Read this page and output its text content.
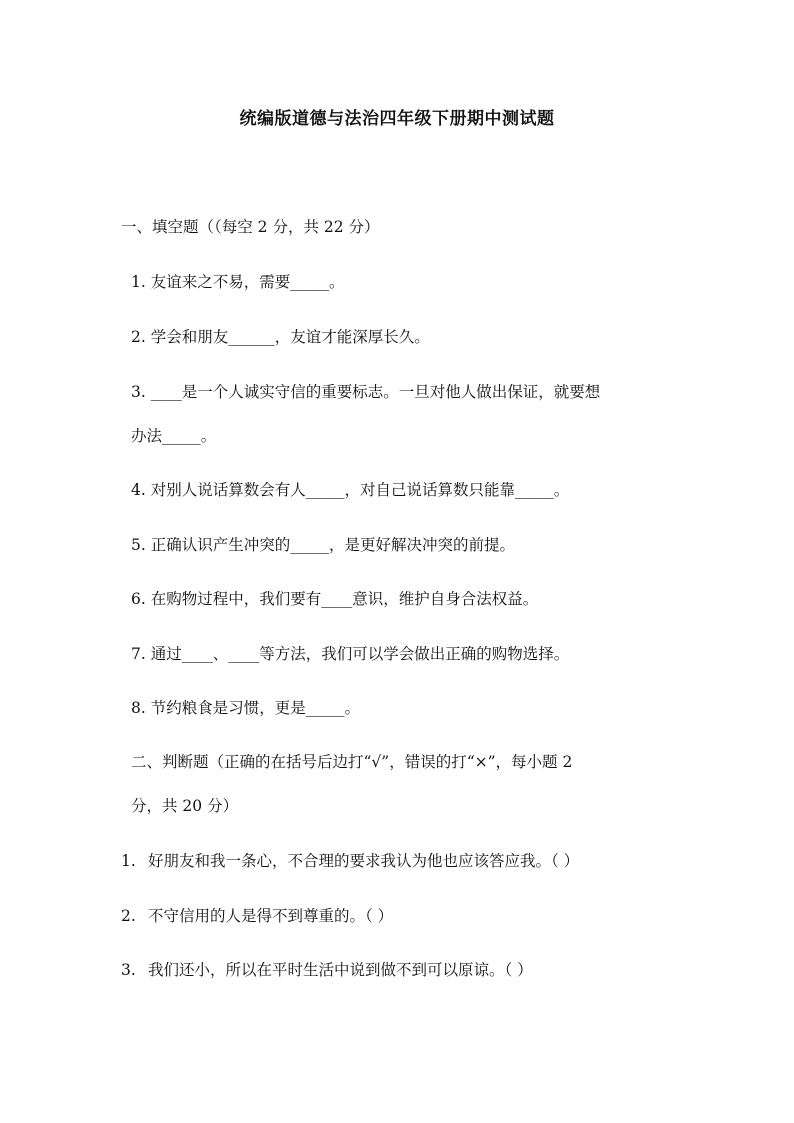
统编版道德与法治四年级下册期中测试题
一、填空题（（每空 2 分，共 22 分）
1. 友谊来之不易，需要_____。
2. 学会和朋友______，友谊才能深厚长久。
3. ____是一个人诚实守信的重要标志。一旦对他人做出保证，就要想
办法_____。
4. 对别人说话算数会有人_____，对自己说话算数只能靠_____。
5. 正确认识产生冲突的_____，是更好解决冲突的前提。
6. 在购物过程中，我们要有____意识，维护自身合法权益。
7. 通过____、____等方法，我们可以学会做出正确的购物选择。
8. 节约粮食是习惯，更是_____。
二、判断题（正确的在括号后边打“√”，错误的打“×”，每小题 2
分，共 20 分）
1. 好朋友和我一条心，不合理的要求我认为他也应该答应我。（ ）
2. 不守信用的人是得不到尊重的。（ ）
3. 我们还小，所以在平时生活中说到做不到可以原谅。（ ）
